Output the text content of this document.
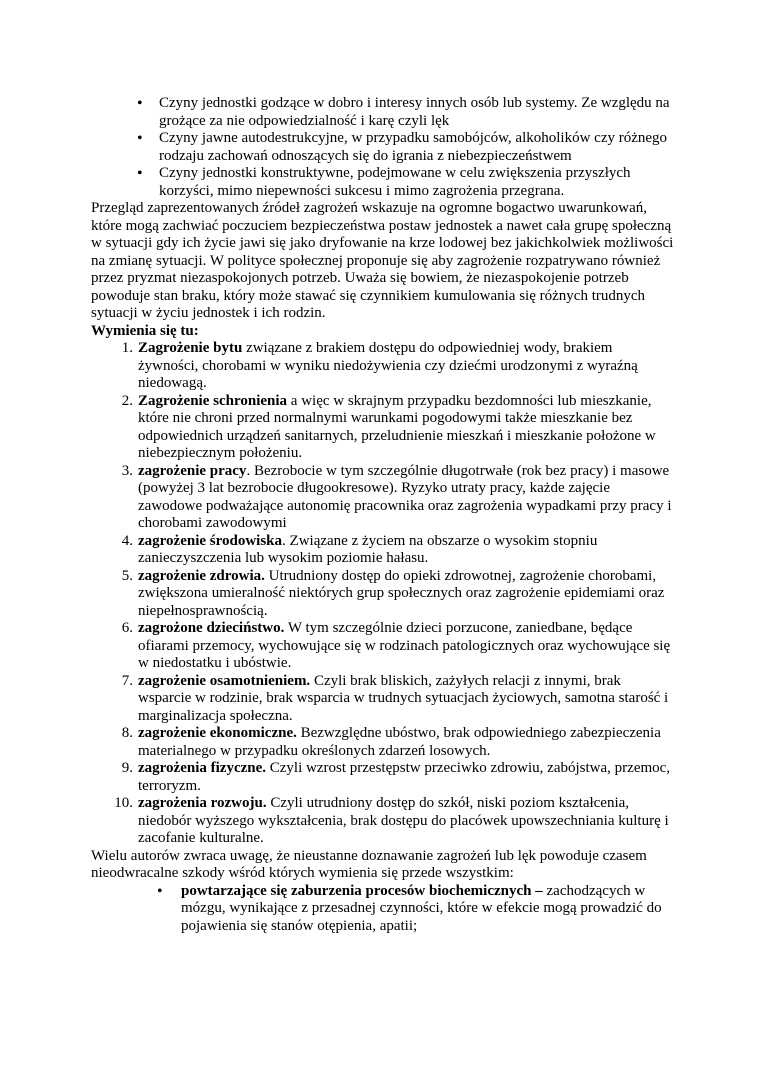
• Czyny jednostki godzące w dobro i interesy innych osób lub systemy. Ze względu na grożące za nie odpowiedzialność i karę czyli lęk
• Czyny jawne autodestrukcyjne, w przypadku samobójców, alkoholików czy różnego rodzaju zachowań odnoszących się do igrania z niebezpieczeństwem
• Czyny jednostki konstruktywne, podejmowane w celu zwiększenia przyszłych korzyści, mimo niepewności sukcesu i mimo zagrożenia przegrana.

Przegląd zaprezentowanych źródeł zagrożeń wskazuje na ogromne bogactwo uwarunkowań, które mogą zachwiać poczuciem bezpieczeństwa postaw jednostek a nawet cała grupę społeczną w sytuacji gdy ich życie jawi się jako dryfowanie na krze lodowej bez jakichkolwiek możliwości na zmianę sytuacji. W polityce społecznej proponuje się aby zagrożenie rozpatrywano również przez pryzmat niezaspokojonych potrzeb. Uważa się bowiem, że niezaspokojenie potrzeb powoduje stan braku, który może stawać się czynnikiem kumulowania się różnych trudnych sytuacji w życiu jednostek i ich rodzin.

Wymienia się tu:

1. Zagrożenie bytu związane z brakiem dostępu do odpowiedniej wody, brakiem żywności, chorobami w wyniku niedożywienia czy dziećmi urodzonymi z wyraźną niedowagą.
2. Zagrożenie schronienia a więc w skrajnym przypadku bezdomności lub mieszkanie, które nie chroni przed normalnymi warunkami pogodowymi także mieszkanie bez odpowiednich urządzeń sanitarnych, przeludnienie mieszkań i mieszkanie położone w niebezpiecznym położeniu.
3. zagrożenie pracy. Bezrobocie w tym szczególnie długotrwałe (rok bez pracy) i masowe (powyżej 3 lat bezrobocie długookresowe). Ryzyko utraty pracy, każde zajęcie zawodowe podważające autonomię pracownika oraz zagrożenia wypadkami przy pracy i chorobami zawodowymi
4. zagrożenie środowiska. Związane z życiem na obszarze o wysokim stopniu zanieczyszczenia lub wysokim poziomie hałasu.
5. zagrożenie zdrowia. Utrudniony dostęp do opieki zdrowotnej, zagrożenie chorobami, zwiększona umieralność niektórych grup społecznych oraz zagrożenie epidemiami oraz niepełnosprawnością.
6. zagrożone dzieciństwo. W tym szczególnie dzieci porzucone, zaniedbane, będące ofiarami przemocy, wychowujące się w rodzinach patologicznych oraz wychowujące się w niedostatku i ubóstwie.
7. zagrożenie osamotnieniem. Czyli brak bliskich, zażyłych relacji z innymi, brak wsparcie w rodzinie, brak wsparcia w trudnych sytuacjach życiowych, samotna starość i marginalizacja społeczna.
8. zagrożenie ekonomiczne. Bezwzględne ubóstwo, brak odpowiedniego zabezpieczenia materialnego w przypadku określonych zdarzeń losowych.
9. zagrożenia fizyczne. Czyli wzrost przestępstw przeciwko zdrowiu, zabójstwa, przemoc, terroryzm.
10. zagrożenia rozwoju. Czyli utrudniony dostęp do szkół, niski poziom kształcenia, niedobór wyższego wykształcenia, brak dostępu do placówek upowszechniania kulturę i zacofanie kulturalne.

Wielu autorów zwraca uwagę, że nieustanne doznawanie zagrożeń lub lęk powoduje czasem nieodwracalne szkody wśród których wymienia się przede wszystkim:

• powtarzające się zaburzenia procesów biochemicznych – zachodzących w mózgu, wynikające z przesadnej czynności, które w efekcie mogą prowadzić do pojawienia się stanów otępienia, apatii;
